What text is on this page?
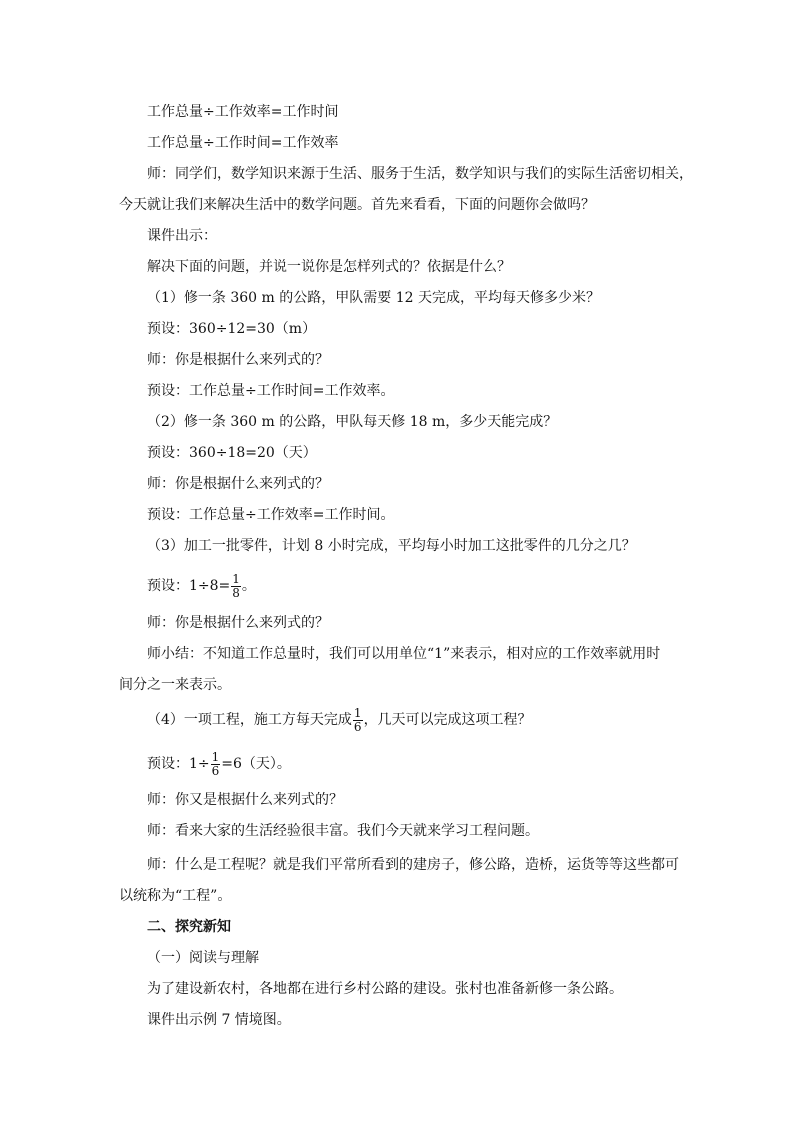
工作总量÷工作效率=工作时间
工作总量÷工作时间=工作效率
师：同学们，数学知识来源于生活、服务于生活，数学知识与我们的实际生活密切相关，
今天就让我们来解决生活中的数学问题。首先来看看，下面的问题你会做吗？
课件出示：
解决下面的问题，并说一说你是怎样列式的？依据是什么？
（1）修一条 360 m 的公路，甲队需要 12 天完成，平均每天修多少米？
预设：360÷12=30（m）
师：你是根据什么来列式的？
预设：工作总量÷工作时间=工作效率。
（2）修一条 360 m 的公路，甲队每天修 18 m，多少天能完成？
预设：360÷18=20（天）
师：你是根据什么来列式的？
预设：工作总量÷工作效率=工作时间。
（3）加工一批零件，计划 8 小时完成，平均每小时加工这批零件的几分之几？
预设：$1\div 8= \frac{1}{8}$ 。
师：你是根据什么来列式的？
师小结：不知道工作总量时，我们可以用单位“1”来表示，相对应的工作效率就用时
间分之一来表示。
（4）一项工程，施工方每天完成 $\frac{1}{6}$ ，几天可以完成这项工程？
预设：$1\div \frac{1}{6} =6$（天）。
师：你又是根据什么来列式的？
师：看来大家的生活经验很丰富。我们今天就来学习工程问题。
师：什么是工程呢？就是我们平常所看到的建房子，修公路，造桥，运货等等这些都可
以统称为“工程”。
二、探究新知
（一）阅读与理解
为了建设新农村，各地都在进行乡村公路的建设。张村也准备新修一条公路。
课件出示例 7 情境图。
